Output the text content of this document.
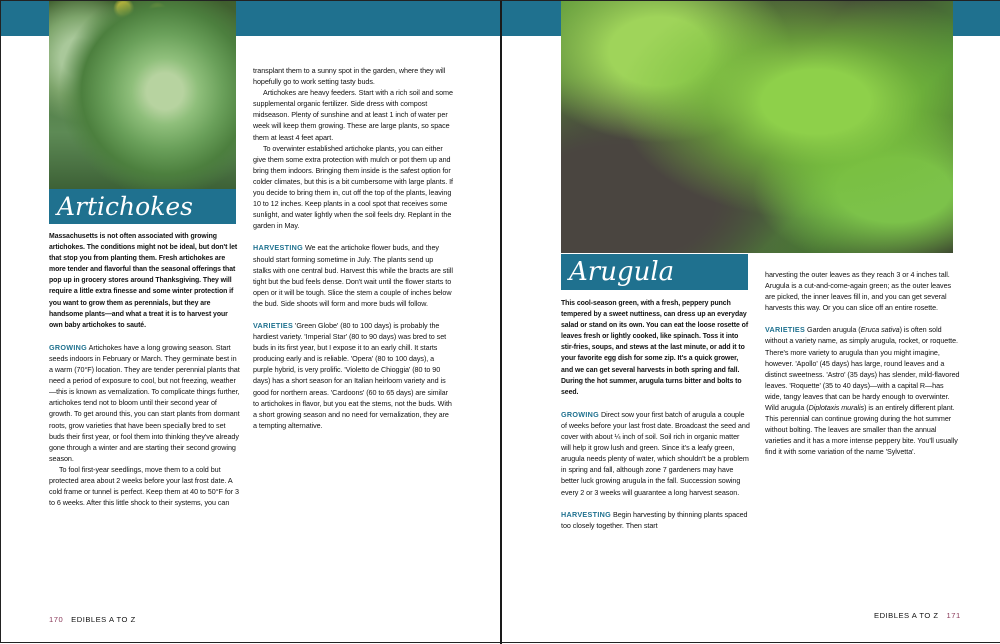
Artichokes

Massachusetts is not often associated with growing artichokes. The conditions might not be ideal, but don't let that stop you from planting them. Fresh artichokes are more tender and flavorful than the seasonal offerings that pop up in grocery stores around Thanksgiving. They will require a little extra finesse and some winter protection if you want to grow them as perennials, but they are handsome plants—and what a treat it is to harvest your own baby artichokes to sauté.

GROWING Artichokes have a long growing season. Start seeds indoors in February or March. They germinate best in a warm (70°F) location. They are tender perennial plants that need a period of exposure to cool, but not freezing, weather—this is known as vernalization. To complicate things further, artichokes tend not to bloom until their second year of growth. To get around this, you can start plants from dormant roots, grow varieties that have been specially bred to set buds their first year, or fool them into thinking they've already gone through a winter and are starting their second growing season.

To fool first-year seedlings, move them to a cold but protected area about 2 weeks before your last frost date. A cold frame or tunnel is perfect. Keep them at 40 to 50°F for 3 to 6 weeks. After this little shock to their systems, you can

transplant them to a sunny spot in the garden, where they will hopefully go to work setting tasty buds.

Artichokes are heavy feeders. Start with a rich soil and some supplemental organic fertilizer. Side dress with compost midseason. Plenty of sunshine and at least 1 inch of water per week will keep them growing. These are large plants, so space them at least 4 feet apart.

To overwinter established artichoke plants, you can either give them some extra protection with mulch or pot them up and bring them indoors. Bringing them inside is the safest option for colder climates, but this is a bit cumbersome with large plants. If you decide to bring them in, cut off the top of the plants, leaving 10 to 12 inches. Keep plants in a cool spot that receives some sunlight, and water lightly when the soil feels dry. Replant in the garden in May.

HARVESTING We eat the artichoke flower buds, and they should start forming sometime in July. The plants send up stalks with one central bud. Harvest this while the bracts are still tight but the bud feels dense. Don't wait until the flower starts to open or it will be tough. Slice the stem a couple of inches below the bud. Side shoots will form and more buds will follow.

VARIETIES 'Green Globe' (80 to 100 days) is probably the hardiest variety. 'Imperial Star' (80 to 90 days) was bred to set buds in its first year, but I expose it to an early chill. It starts producing early and is reliable. 'Opera' (80 to 100 days), a purple hybrid, is very prolific. 'Violetto de Chioggia' (80 to 90 days) has a short season for an Italian heirloom variety and is good for northern areas. 'Cardoons' (60 to 65 days) are similar to artichokes in flavor, but you eat the stems, not the buds. With a short growing season and no need for vernalization, they are a tempting alternative.

170 EDIBLES A TO Z
Arugula

This cool-season green, with a fresh, peppery punch tempered by a sweet nuttiness, can dress up an everyday salad or stand on its own. You can eat the loose rosette of leaves fresh or lightly cooked, like spinach. Toss it into stir-fries, soups, and stews at the last minute, or add it to your favorite egg dish for some zip. It's a quick grower, and we can get several harvests in both spring and fall. During the hot summer, arugula turns bitter and bolts to seed.

GROWING Direct sow your first batch of arugula a couple of weeks before your last frost date. Broadcast the seed and cover with about ¼ inch of soil. Soil rich in organic matter will help it grow lush and green. Since it's a leafy green, arugula needs plenty of water, which shouldn't be a problem in spring and fall, although zone 7 gardeners may have better luck growing arugula in the fall. Succession sowing every 2 or 3 weeks will guarantee a long harvest season.

HARVESTING Begin harvesting by thinning plants spaced too closely together. Then start

harvesting the outer leaves as they reach 3 or 4 inches tall. Arugula is a cut-and-come-again green; as the outer leaves are picked, the inner leaves fill in, and you can get several harvests this way. Or you can slice off an entire rosette.

VARIETIES Garden arugula (Eruca sativa) is often sold without a variety name, as simply arugula, rocket, or roquette. There's more variety to arugula than you might imagine, however. 'Apollo' (45 days) has large, round leaves and a distinct sweetness. 'Astro' (35 days) has slender, mild-flavored leaves. 'Roquette' (35 to 40 days)—with a capital R—has wide, tangy leaves that can be hardy enough to overwinter. Wild arugula (Diplotaxis muralis) is an entirely different plant. This perennial can continue growing during the hot summer without bolting. The leaves are smaller than the annual varieties and it has a more intense peppery bite. You'll usually find it with some variation of the name 'Sylvetta'.

EDIBLES A TO Z 171
